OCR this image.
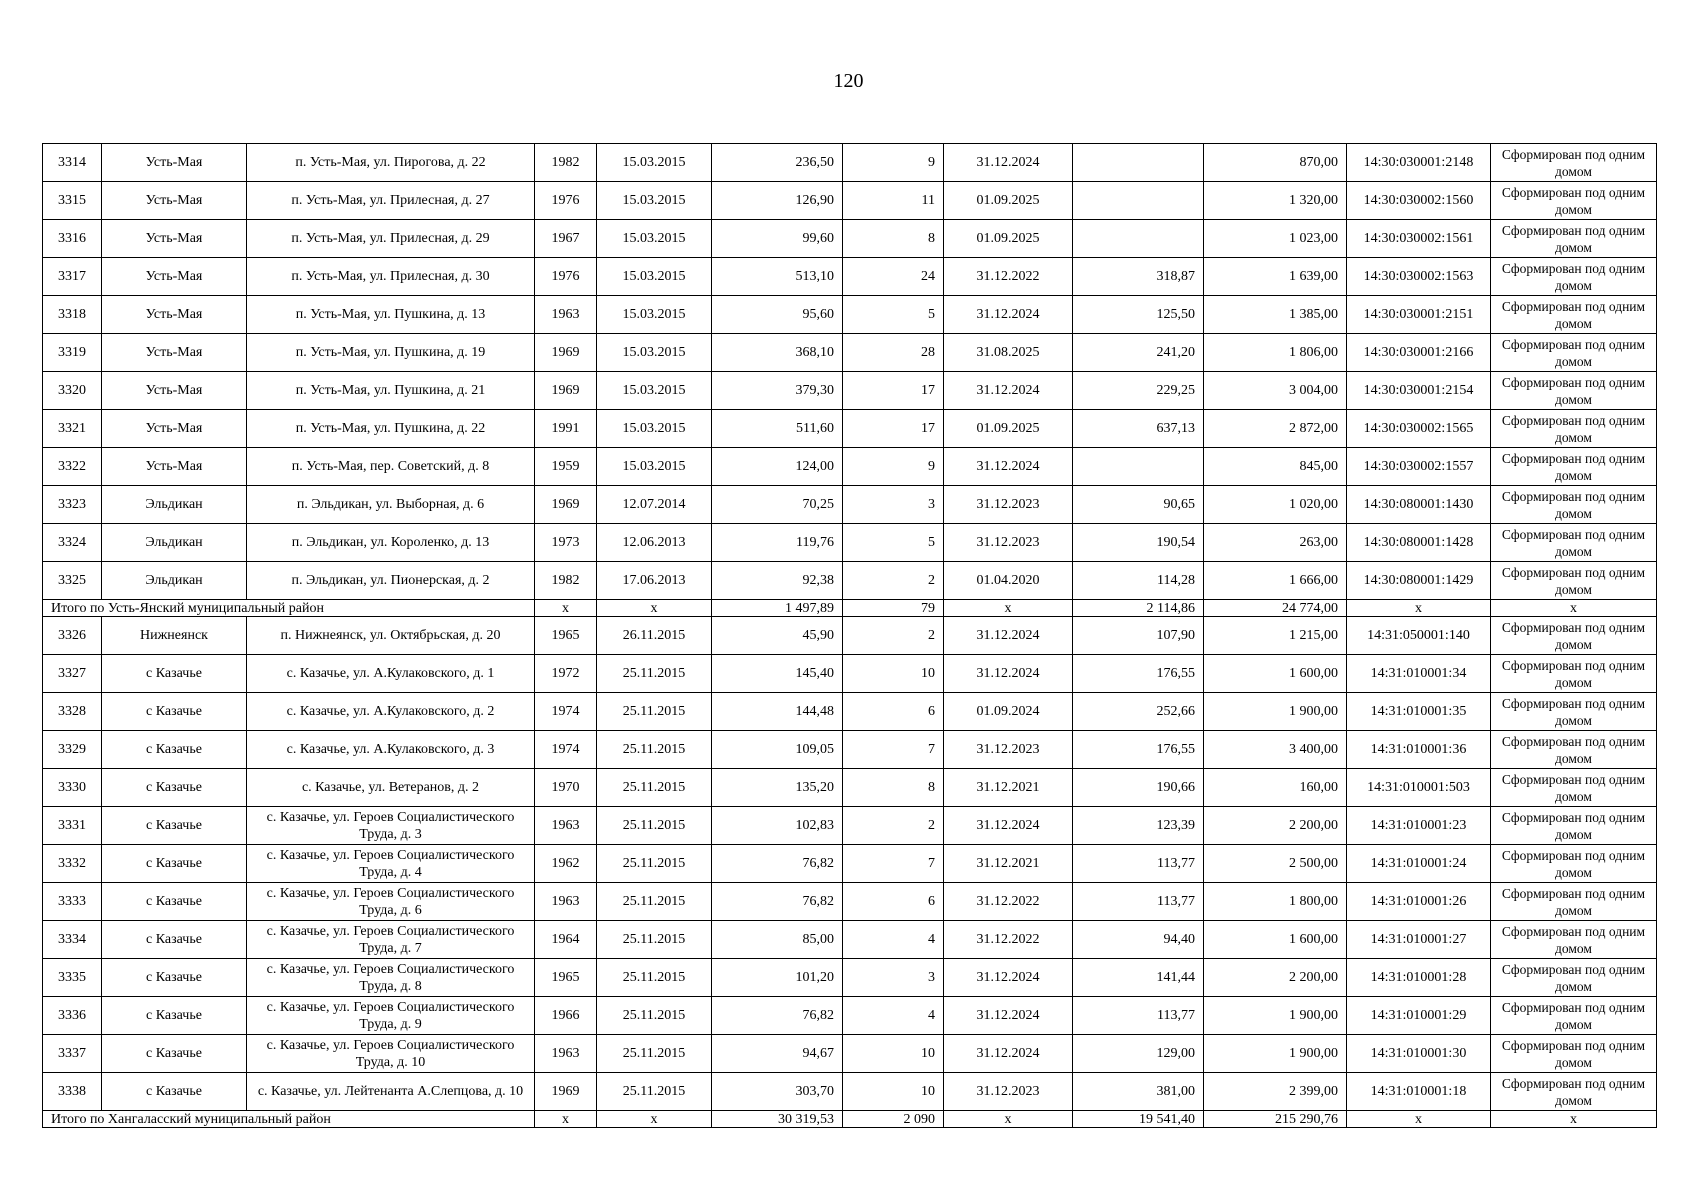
120
3314	Усть-Мая	п. Усть-Мая, ул. Пирогова, д. 22	1982	15.03.2015	236,50	9	31.12.2024		870,00	14:30:030001:2148	Сформирован под одним домом
3315	Усть-Мая	п. Усть-Мая, ул. Прилесная, д. 27	1976	15.03.2015	126,90	11	01.09.2025		1 320,00	14:30:030002:1560	Сформирован под одним домом
3316	Усть-Мая	п. Усть-Мая, ул. Прилесная, д. 29	1967	15.03.2015	99,60	8	01.09.2025		1 023,00	14:30:030002:1561	Сформирован под одним домом
3317	Усть-Мая	п. Усть-Мая, ул. Прилесная, д. 30	1976	15.03.2015	513,10	24	31.12.2022	318,87	1 639,00	14:30:030002:1563	Сформирован под одним домом
3318	Усть-Мая	п. Усть-Мая, ул. Пушкина, д. 13	1963	15.03.2015	95,60	5	31.12.2024	125,50	1 385,00	14:30:030001:2151	Сформирован под одним домом
3319	Усть-Мая	п. Усть-Мая, ул. Пушкина, д. 19	1969	15.03.2015	368,10	28	31.08.2025	241,20	1 806,00	14:30:030001:2166	Сформирован под одним домом
3320	Усть-Мая	п. Усть-Мая, ул. Пушкина, д. 21	1969	15.03.2015	379,30	17	31.12.2024	229,25	3 004,00	14:30:030001:2154	Сформирован под одним домом
3321	Усть-Мая	п. Усть-Мая, ул. Пушкина, д. 22	1991	15.03.2015	511,60	17	01.09.2025	637,13	2 872,00	14:30:030002:1565	Сформирован под одним домом
3322	Усть-Мая	п. Усть-Мая, пер. Советский, д. 8	1959	15.03.2015	124,00	9	31.12.2024		845,00	14:30:030002:1557	Сформирован под одним домом
3323	Эльдикан	п. Эльдикан, ул. Выборная, д. 6	1969	12.07.2014	70,25	3	31.12.2023	90,65	1 020,00	14:30:080001:1430	Сформирован под одним домом
3324	Эльдикан	п. Эльдикан, ул. Короленко, д. 13	1973	12.06.2013	119,76	5	31.12.2023	190,54	263,00	14:30:080001:1428	Сформирован под одним домом
3325	Эльдикан	п. Эльдикан, ул. Пионерская, д. 2	1982	17.06.2013	92,38	2	01.04.2020	114,28	1 666,00	14:30:080001:1429	Сформирован под одним домом
Итого по Усть-Янский муниципальный район			x	x	1 497,89	79	x	2 114,86	24 774,00	x	x
3326	Нижнеянск	п. Нижнеянск, ул. Октябрьская, д. 20	1965	26.11.2015	45,90	2	31.12.2024	107,90	1 215,00	14:31:050001:140	Сформирован под одним домом
3327	с Казачье	с. Казачье, ул. А.Кулаковского, д. 1	1972	25.11.2015	145,40	10	31.12.2024	176,55	1 600,00	14:31:010001:34	Сформирован под одним домом
3328	с Казачье	с. Казачье, ул. А.Кулаковского, д. 2	1974	25.11.2015	144,48	6	01.09.2024	252,66	1 900,00	14:31:010001:35	Сформирован под одним домом
3329	с Казачье	с. Казачье, ул. А.Кулаковского, д. 3	1974	25.11.2015	109,05	7	31.12.2023	176,55	3 400,00	14:31:010001:36	Сформирован под одним домом
3330	с Казачье	с. Казачье, ул. Ветеранов, д. 2	1970	25.11.2015	135,20	8	31.12.2021	190,66	160,00	14:31:010001:503	Сформирован под одним домом
3331	с Казачье	с. Казачье, ул. Героев Социалистического Труда, д. 3	1963	25.11.2015	102,83	2	31.12.2024	123,39	2 200,00	14:31:010001:23	Сформирован под одним домом
3332	с Казачье	с. Казачье, ул. Героев Социалистического Труда, д. 4	1962	25.11.2015	76,82	7	31.12.2021	113,77	2 500,00	14:31:010001:24	Сформирован под одним домом
3333	с Казачье	с. Казачье, ул. Героев Социалистического Труда, д. 6	1963	25.11.2015	76,82	6	31.12.2022	113,77	1 800,00	14:31:010001:26	Сформирован под одним домом
3334	с Казачье	с. Казачье, ул. Героев Социалистического Труда, д. 7	1964	25.11.2015	85,00	4	31.12.2022	94,40	1 600,00	14:31:010001:27	Сформирован под одним домом
3335	с Казачье	с. Казачье, ул. Героев Социалистического Труда, д. 8	1965	25.11.2015	101,20	3	31.12.2024	141,44	2 200,00	14:31:010001:28	Сформирован под одним домом
3336	с Казачье	с. Казачье, ул. Героев Социалистического Труда, д. 9	1966	25.11.2015	76,82	4	31.12.2024	113,77	1 900,00	14:31:010001:29	Сформирован под одним домом
3337	с Казачье	с. Казачье, ул. Героев Социалистического Труда, д. 10	1963	25.11.2015	94,67	10	31.12.2024	129,00	1 900,00	14:31:010001:30	Сформирован под одним домом
3338	с Казачье	с. Казачье, ул. Лейтенанта А.Слепцова, д. 10	1969	25.11.2015	303,70	10	31.12.2023	381,00	2 399,00	14:31:010001:18	Сформирован под одним домом
Итого по Хангаласский муниципальный район			x	x	30 319,53	2 090	x	19 541,40	215 290,76	x	x
